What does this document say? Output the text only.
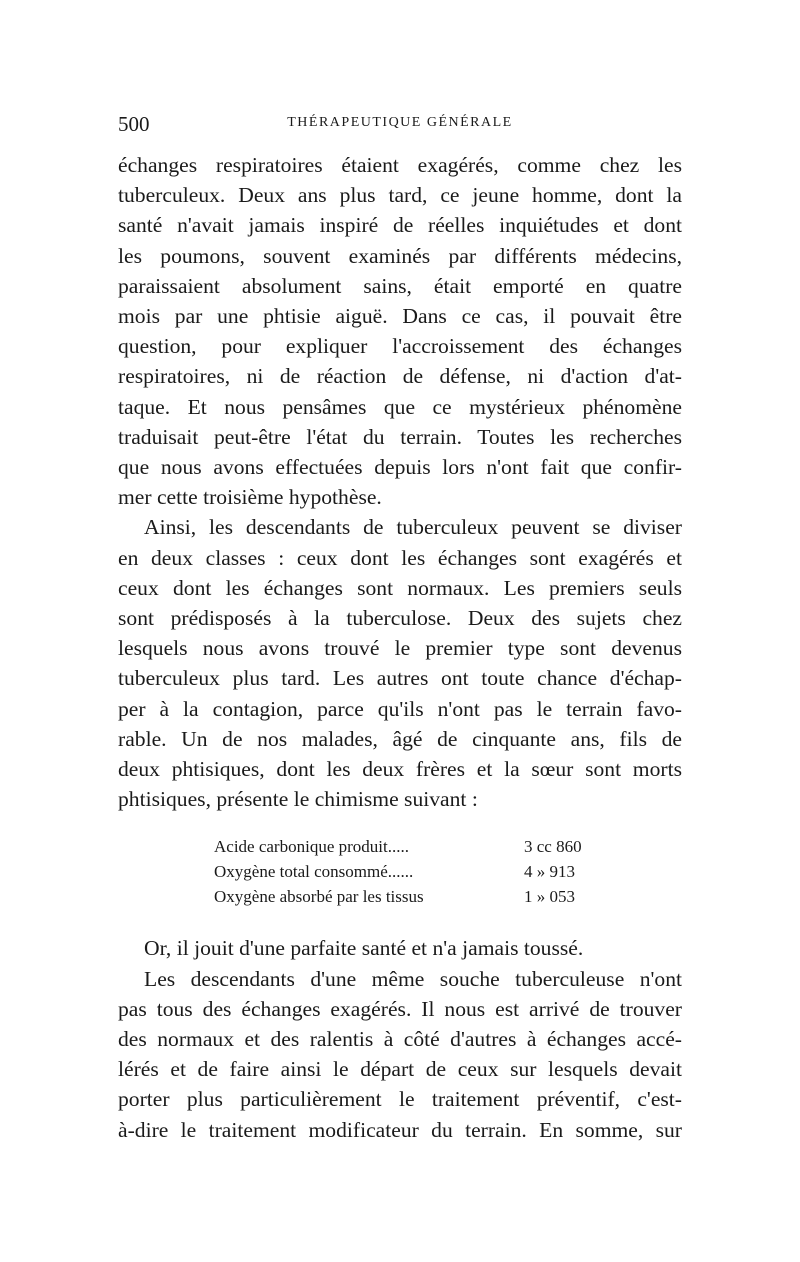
500	THÉRAPEUTIQUE GÉNÉRALE
échanges respiratoires étaient exagérés, comme chez les
tuberculeux. Deux ans plus tard, ce jeune homme, dont la
santé n'avait jamais inspiré de réelles inquiétudes et dont
les poumons, souvent examinés par différents médecins,
paraissaient absolument sains, était emporté en quatre
mois par une phtisie aiguë. Dans ce cas, il pouvait être
question, pour expliquer l'accroissement des échanges
respiratoires, ni de réaction de défense, ni d'action d'at-
taque. Et nous pensâmes que ce mystérieux phénomène
traduisait peut-être l'état du terrain. Toutes les recherches
que nous avons effectuées depuis lors n'ont fait que confir-
mer cette troisième hypothèse.
Ainsi, les descendants de tuberculeux peuvent se diviser
en deux classes : ceux dont les échanges sont exagérés et
ceux dont les échanges sont normaux. Les premiers seuls
sont prédisposés à la tuberculose. Deux des sujets chez
lesquels nous avons trouvé le premier type sont devenus
tuberculeux plus tard. Les autres ont toute chance d'échap-
per à la contagion, parce qu'ils n'ont pas le terrain favo-
rable. Un de nos malades, âgé de cinquante ans, fils de
deux phtisiques, dont les deux frères et la sœur sont morts
phtisiques, présente le chimisme suivant :
Acide carbonique produit.....	3 cc 860
Oxygène total consommé......	4 » 913
Oxygène absorbé par les tissus	1 » 053
Or, il jouit d'une parfaite santé et n'a jamais toussé.
Les descendants d'une même souche tuberculeuse n'ont
pas tous des échanges exagérés. Il nous est arrivé de trouver
des normaux et des ralentis à côté d'autres à échanges accé-
lérés et de faire ainsi le départ de ceux sur lesquels devait
porter plus particulièrement le traitement préventif, c'est-
à-dire le traitement modificateur du terrain. En somme, sur
